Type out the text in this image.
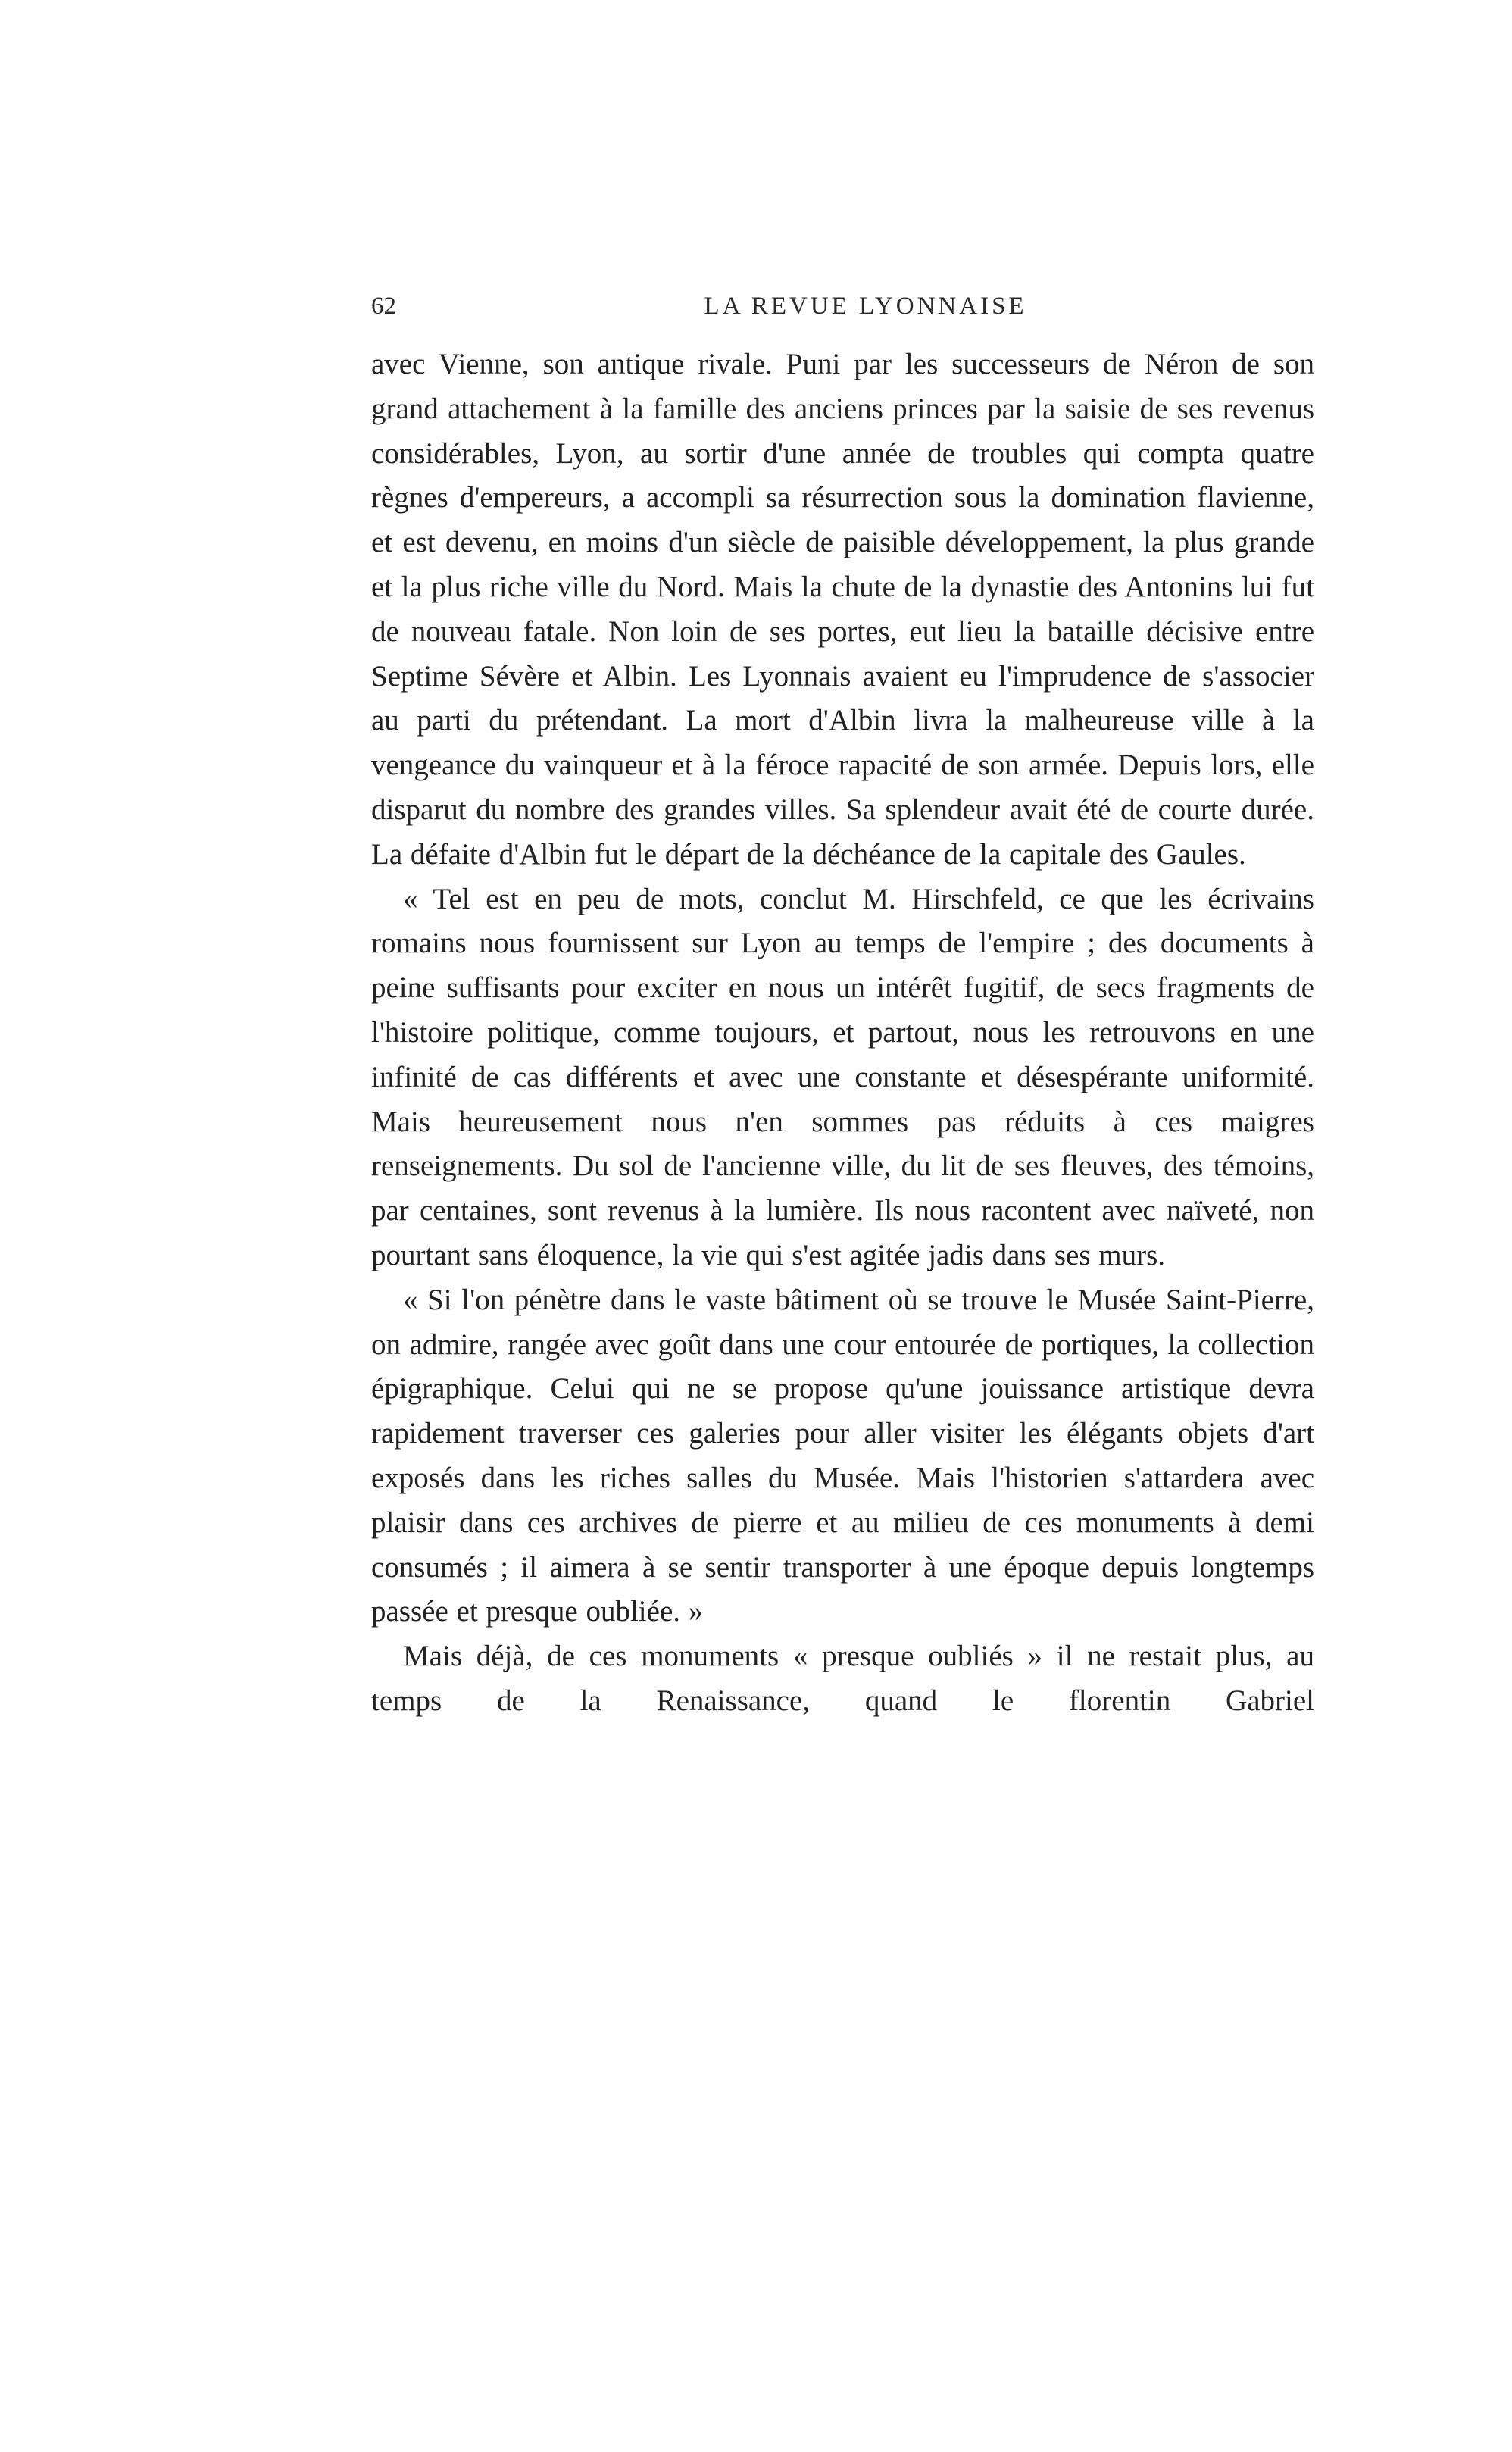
62	LA REVUE LYONNAISE

avec Vienne, son antique rivale. Puni par les successeurs de Néron de son grand attachement à la famille des anciens princes par la saisie de ses revenus considérables, Lyon, au sortir d'une année de troubles qui compta quatre règnes d'empereurs, a accompli sa résurrection sous la domination flavienne, et est devenu, en moins d'un siècle de paisible développement, la plus grande et la plus riche ville du Nord. Mais la chute de la dynastie des Antonins lui fut de nouveau fatale. Non loin de ses portes, eut lieu la bataille décisive entre Septime Sévère et Albin. Les Lyonnais avaient eu l'imprudence de s'associer au parti du prétendant. La mort d'Albin livra la malheureuse ville à la vengeance du vainqueur et à la féroce rapacité de son armée. Depuis lors, elle disparut du nombre des grandes villes. Sa splendeur avait été de courte durée. La défaite d'Albin fut le départ de la déchéance de la capitale des Gaules.

« Tel est en peu de mots, conclut M. Hirschfeld, ce que les écrivains romains nous fournissent sur Lyon au temps de l'empire ; des documents à peine suffisants pour exciter en nous un intérêt fugitif, de secs fragments de l'histoire politique, comme toujours, et partout, nous les retrouvons en une infinité de cas différents et avec une constante et désespérante uniformité. Mais heureusement nous n'en sommes pas réduits à ces maigres renseignements. Du sol de l'ancienne ville, du lit de ses fleuves, des témoins, par centaines, sont revenus à la lumière. Ils nous racontent avec naïveté, non pourtant sans éloquence, la vie qui s'est agitée jadis dans ses murs.

« Si l'on pénètre dans le vaste bâtiment où se trouve le Musée Saint-Pierre, on admire, rangée avec goût dans une cour entourée de portiques, la collection épigraphique. Celui qui ne se propose qu'une jouissance artistique devra rapidement traverser ces galeries pour aller visiter les élégants objets d'art exposés dans les riches salles du Musée. Mais l'historien s'attardera avec plaisir dans ces archives de pierre et au milieu de ces monuments à demi consumés ; il aimera à se sentir transporter à une époque depuis longtemps passée et presque oubliée. »

Mais déjà, de ces monuments « presque oubliés » il ne restait plus, au temps de la Renaissance, quand le florentin Gabriel
